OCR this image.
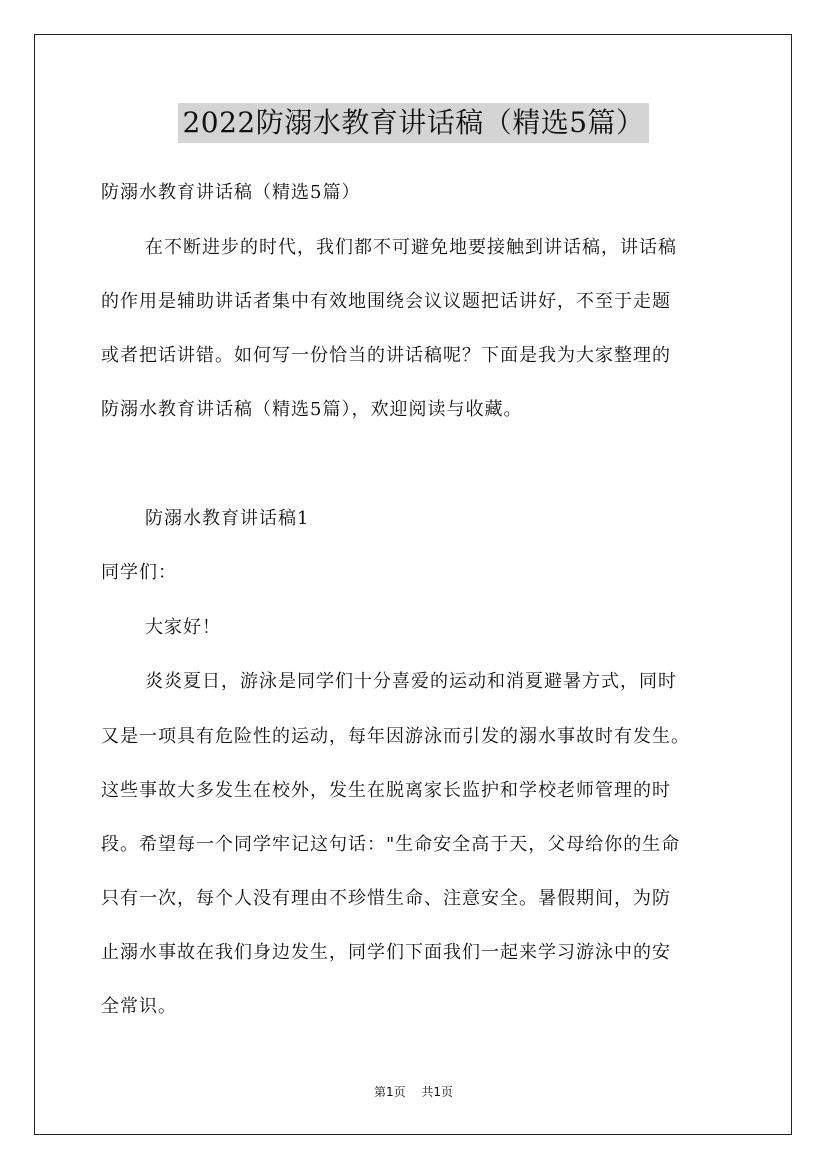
2022防溺水教育讲话稿（精选5篇）
防溺水教育讲话稿（精选5篇）
在不断进步的时代，我们都不可避免地要接触到讲话稿，讲话稿
的作用是辅助讲话者集中有效地围绕会议议题把话讲好，不至于走题
或者把话讲错。如何写一份恰当的讲话稿呢？下面是我为大家整理的
防溺水教育讲话稿（精选5篇），欢迎阅读与收藏。
防溺水教育讲话稿1
同学们：
大家好！
炎炎夏日，游泳是同学们十分喜爱的运动和消夏避暑方式，同时
又是一项具有危险性的运动，每年因游泳而引发的溺水事故时有发生。
这些事故大多发生在校外，发生在脱离家长监护和学校老师管理的时
段。希望每一个同学牢记这句话："生命安全高于天，父母给你的生命
只有一次，每个人没有理由不珍惜生命、注意安全。暑假期间，为防
止溺水事故在我们身边发生，同学们下面我们一起来学习游泳中的安
全常识。
第1页 共1页
